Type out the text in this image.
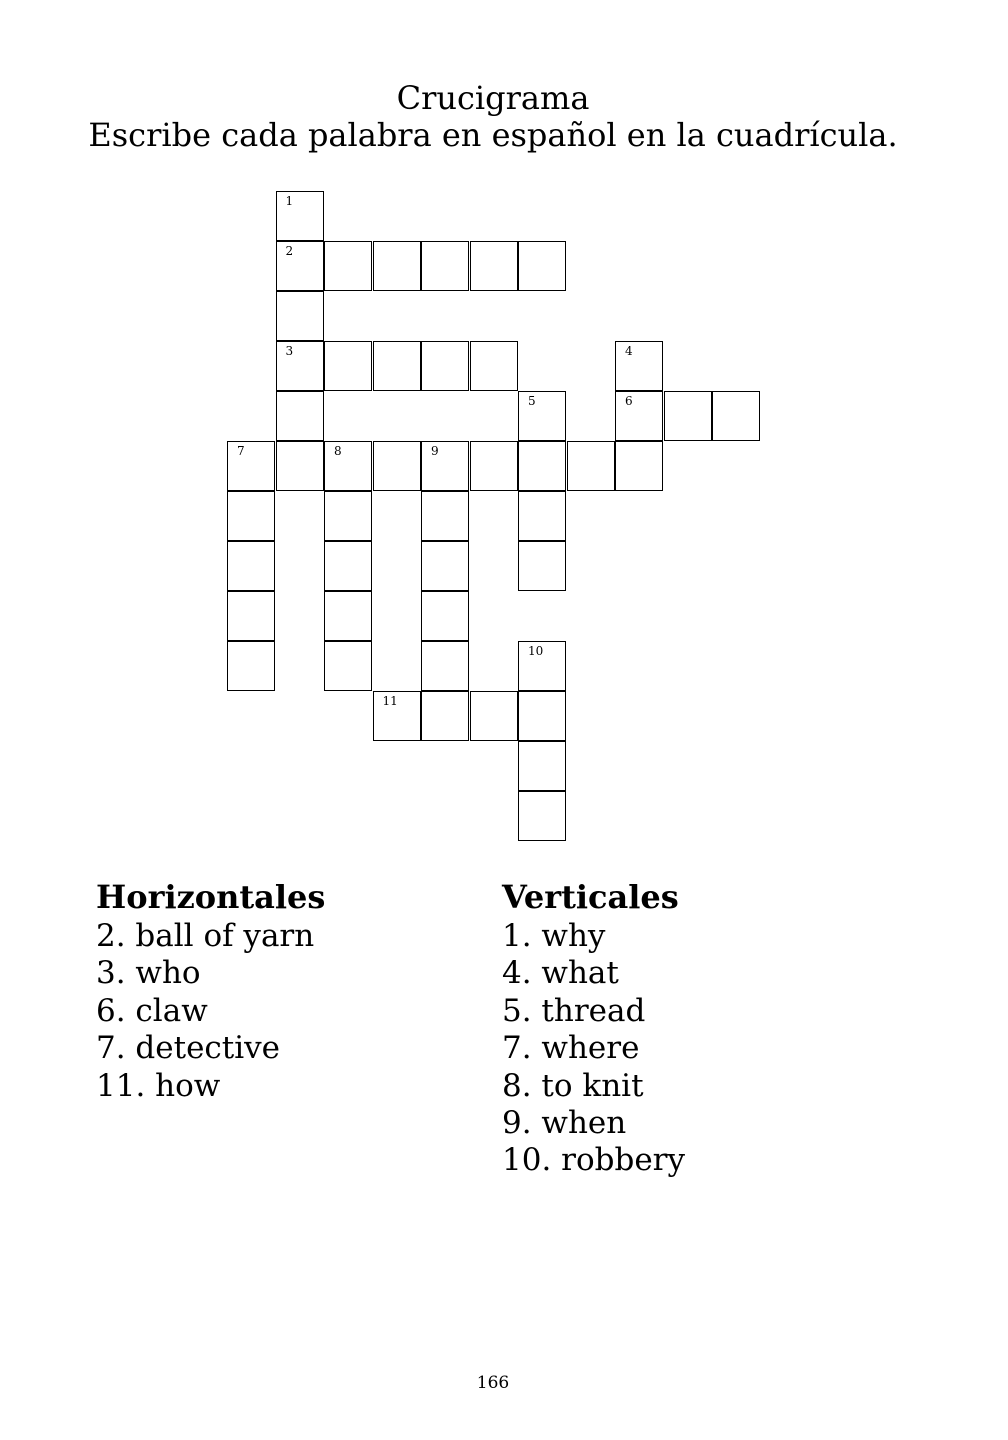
Crucigrama
Escribe cada palabra en español en la cuadrícula.
1
2
3	4
5	6
7	8	9
10
11
Horizontales
2. ball of yarn
3. who
6. claw
7. detective
11. how
Verticales
1. why
4. what
5. thread
7. where
8. to knit
9. when
10. robbery
166
